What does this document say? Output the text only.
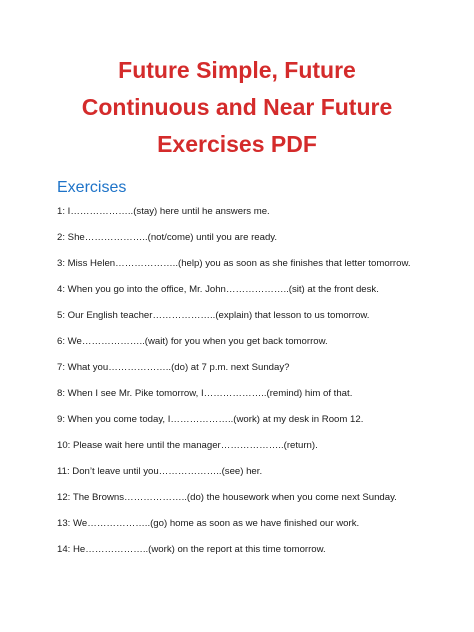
Future Simple, Future
Continuous and Near Future
Exercises PDF
Exercises
1: I………………..(stay) here until he answers me.
2: She………………..(not/come) until you are ready.
3: Miss Helen………………..(help) you as soon as she finishes that letter tomorrow.
4: When you go into the office, Mr. John………………..(sit) at the front desk.
5: Our English teacher………………..(explain) that lesson to us tomorrow.
6: We………………..(wait) for you when you get back tomorrow.
7: What you………………..(do) at 7 p.m. next Sunday?
8: When I see Mr. Pike tomorrow, I………………..(remind) him of that.
9: When you come today, I………………..(work) at my desk in Room 12.
10: Please wait here until the manager………………..(return).
11: Don’t leave until you………………..(see) her.
12: The Browns………………..(do) the housework when you come next Sunday.
13: We………………..(go) home as soon as we have finished our work.
14: He………………..(work) on the report at this time tomorrow.
